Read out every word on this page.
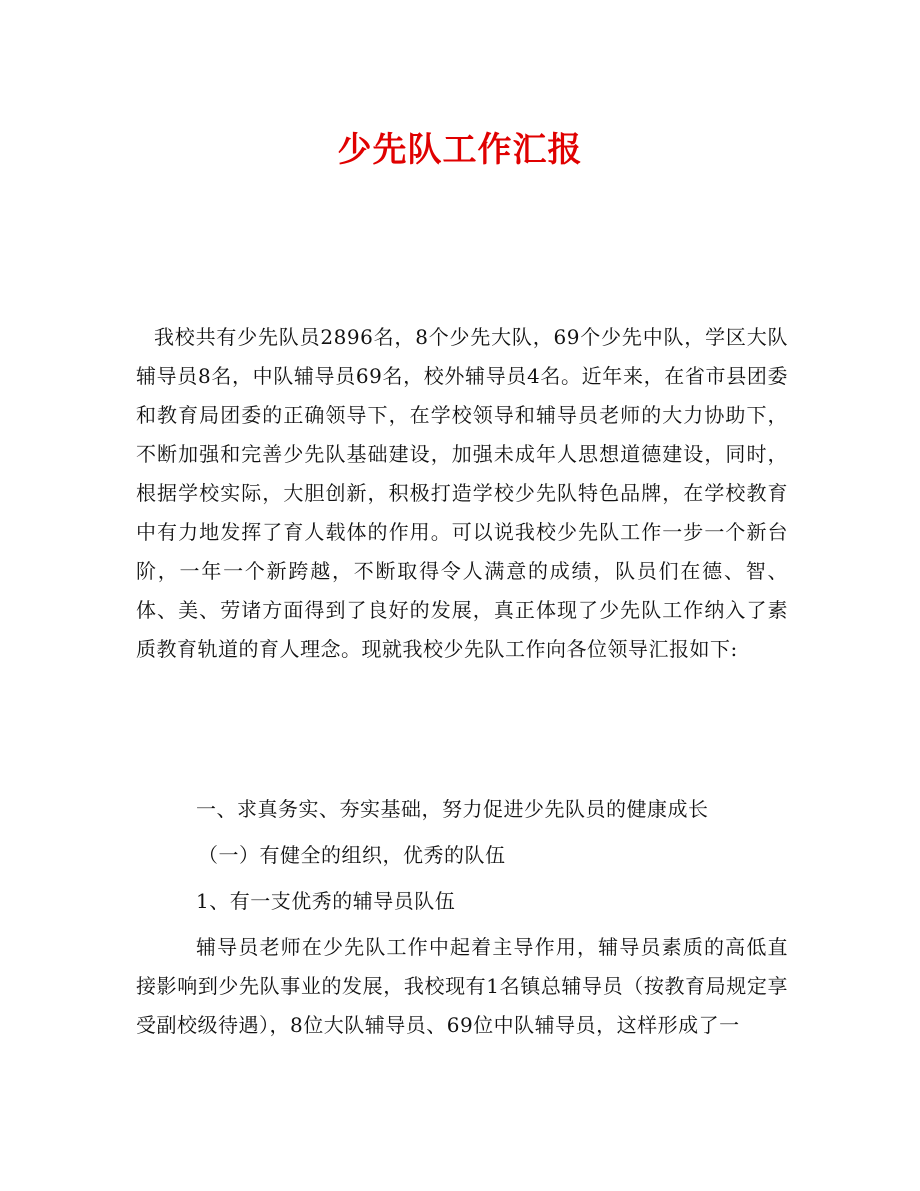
少先队工作汇报

我校共有少先队员2896名，8个少先大队，69个少先中队，学区大队辅导员8名，中队辅导员69名，校外辅导员4名。近年来，在省市县团委和教育局团委的正确领导下，在学校领导和辅导员老师的大力协助下，不断加强和完善少先队基础建设，加强未成年人思想道德建设，同时，根据学校实际，大胆创新，积极打造学校少先队特色品牌，在学校教育中有力地发挥了育人载体的作用。可以说我校少先队工作一步一个新台阶，一年一个新跨越，不断取得令人满意的成绩，队员们在德、智、体、美、劳诸方面得到了良好的发展，真正体现了少先队工作纳入了素质教育轨道的育人理念。现就我校少先队工作向各位领导汇报如下:

一、求真务实、夯实基础，努力促进少先队员的健康成长
（一）有健全的组织，优秀的队伍
1、有一支优秀的辅导员队伍

辅导员老师在少先队工作中起着主导作用，辅导员素质的高低直接影响到少先队事业的发展，我校现有1名镇总辅导员（按教育局规定享受副校级待遇），8位大队辅导员、69位中队辅导员，这样形成了一
